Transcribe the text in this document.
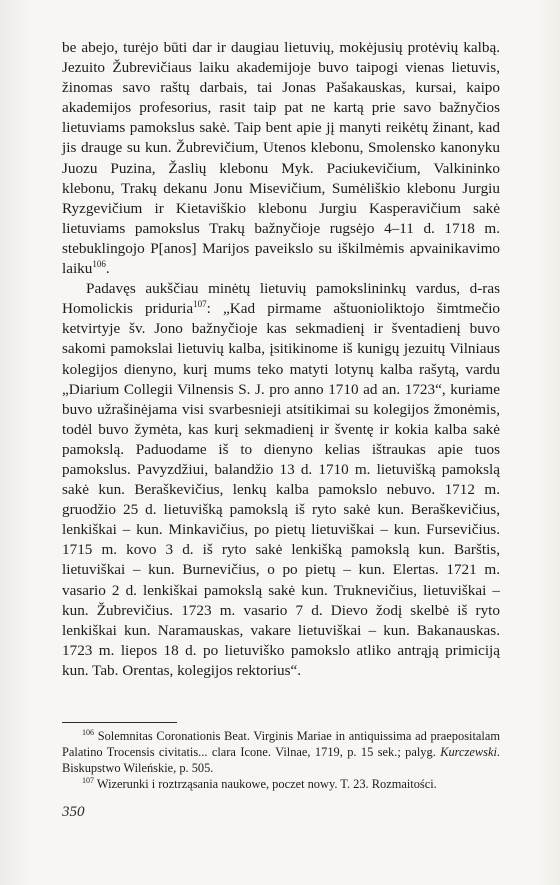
be abejo, turėjo būti dar ir daugiau lietuvių, mokėjusių protėvių kalbą. Jezuito Žubrevičiaus laiku akademijoje buvo taipogi vienas lietuvis, žinomas savo raštų darbais, tai Jonas Pašakauskas, kursai, kaipo akademijos profesorius, rasit taip pat ne kartą prie savo bažnyčios lietuviams pamokslus sakė. Taip bent apie jį manyti reikėtų žinant, kad jis drauge su kun. Žubrevičium, Utenos klebonu, Smolensko kanonyku Juozu Puzina, Žaslių klebonu Myk. Paciukevičium, Valkininko klebonu, Trakų dekanu Jonu Misevičium, Sumėliškio klebonu Jurgiu Ryzgevičium ir Kietaviškio klebonu Jurgiu Kasperavičium sakė lietuviams pamokslus Trakų bažnyčioje rugsėjo 4–11 d. 1718 m. stebuklingojo P[anos] Marijos paveikslo su iškilmėmis apvainikavimo laiku$^{106}$.

Padavęs aukščiau minėtų lietuvių pamokslininkų vardus, d-ras Homolickis priduria$^{107}$: „Kad pirmame aštuonioliktojo šimtmečio ketvirtyje šv. Jono bažnyčioje kas sekmadienį ir šventadienį buvo sakomi pamokslai lietuvių kalba, įsitikinome iš kunigų jezuitų Vilniaus kolegijos dienyno, kurį mums teko matyti lotynų kalba rašytą, vardu „Diarium Collegii Vilnensis S. J. pro anno 1710 ad an. 1723“, kuriame buvo užrašinėjama visi svarbesnieji atsitikimai su kolegijos žmonėmis, todėl buvo žymėta, kas kurį sekmadienį ir šventę ir kokia kalba sakė pamokslą. Paduodame iš to dienyno kelias ištraukas apie tuos pamokslus. Pavyzdžiui, balandžio 13 d. 1710 m. lietuvišką pamokslą sakė kun. Beraškevičius, lenkų kalba pamokslo nebuvo. 1712 m. gruodžio 25 d. lietuvišką pamokslą iš ryto sakė kun. Beraškevičius, lenkiškai – kun. Minkavičius, po pietų lietuviškai – kun. Fursevičius. 1715 m. kovo 3 d. iš ryto sakė lenkišką pamokslą kun. Barštis, lietuviškai – kun. Burnevičius, o po pietų – kun. Elertas. 1721 m. vasario 2 d. lenkiškai pamokslą sakė kun. Truknevičius, lietuviškai – kun. Žubrevičius. 1723 m. vasario 7 d. Dievo žodį skelbė iš ryto lenkiškai kun. Naramauskas, vakare lietuviškai – kun. Bakanauskas. 1723 m. liepos 18 d. po lietuviško pamokslo atliko antrąją primiciją kun. Tab. Orentas, kolegijos rektorius“.

$^{106}$ Solemnitas Coronationis Beat. Virginis Mariae in antiquissima ad praepositalam Palatino Trocensis civitatis... clara Icone. Vilnae, 1719, p. 15 sek.; palyg. Kurczewski. Biskupstwo Wileńskie, p. 505.

$^{107}$ Wizerunki i roztrząsania naukowe, poczet nowy. T. 23. Rozmaitości.

350
